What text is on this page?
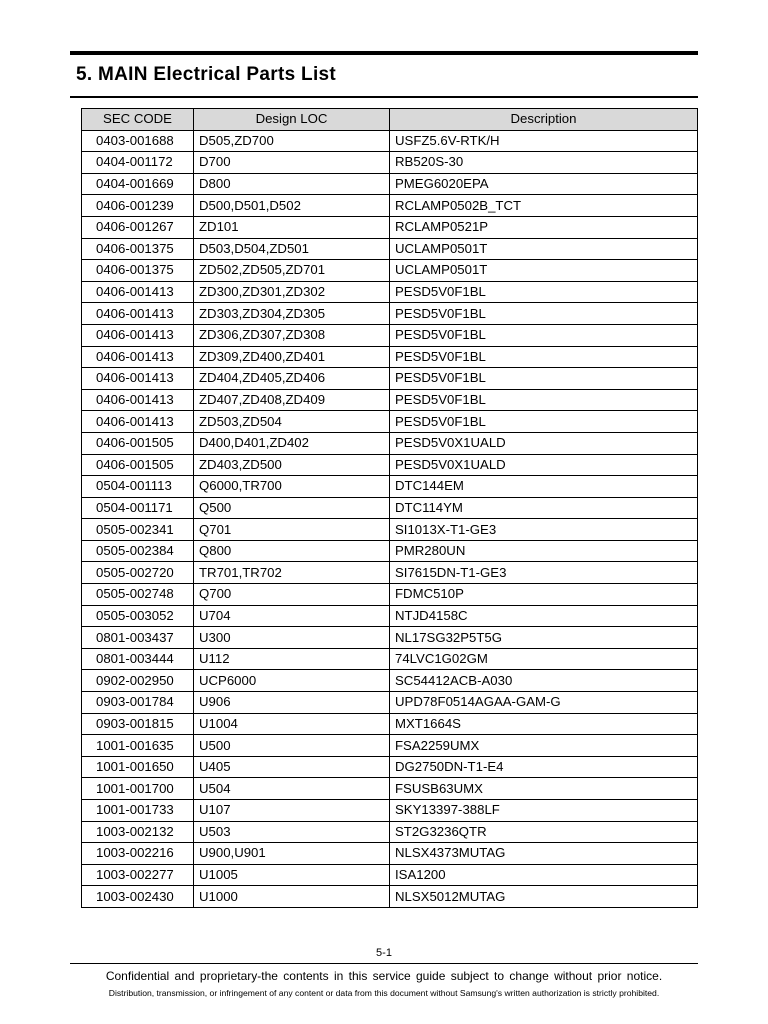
5. MAIN Electrical Parts List
SEC CODE	Design LOC	Description
0403-001688	D505,ZD700	USFZ5.6V-RTK/H
0404-001172	D700	RB520S-30
0404-001669	D800	PMEG6020EPA
0406-001239	D500,D501,D502	RCLAMP0502B_TCT
0406-001267	ZD101	RCLAMP0521P
0406-001375	D503,D504,ZD501	UCLAMP0501T
0406-001375	ZD502,ZD505,ZD701	UCLAMP0501T
0406-001413	ZD300,ZD301,ZD302	PESD5V0F1BL
0406-001413	ZD303,ZD304,ZD305	PESD5V0F1BL
0406-001413	ZD306,ZD307,ZD308	PESD5V0F1BL
0406-001413	ZD309,ZD400,ZD401	PESD5V0F1BL
0406-001413	ZD404,ZD405,ZD406	PESD5V0F1BL
0406-001413	ZD407,ZD408,ZD409	PESD5V0F1BL
0406-001413	ZD503,ZD504	PESD5V0F1BL
0406-001505	D400,D401,ZD402	PESD5V0X1UALD
0406-001505	ZD403,ZD500	PESD5V0X1UALD
0504-001113	Q6000,TR700	DTC144EM
0504-001171	Q500	DTC114YM
0505-002341	Q701	SI1013X-T1-GE3
0505-002384	Q800	PMR280UN
0505-002720	TR701,TR702	SI7615DN-T1-GE3
0505-002748	Q700	FDMC510P
0505-003052	U704	NTJD4158C
0801-003437	U300	NL17SG32P5T5G
0801-003444	U112	74LVC1G02GM
0902-002950	UCP6000	SC54412ACB-A030
0903-001784	U906	UPD78F0514AGAA-GAM-G
0903-001815	U1004	MXT1664S
1001-001635	U500	FSA2259UMX
1001-001650	U405	DG2750DN-T1-E4
1001-001700	U504	FSUSB63UMX
1001-001733	U107	SKY13397-388LF
1003-002132	U503	ST2G3236QTR
1003-002216	U900,U901	NLSX4373MUTAG
1003-002277	U1005	ISA1200
1003-002430	U1000	NLSX5012MUTAG
5-1
Confidential and proprietary-the contents in this service guide subject to change without prior notice.
Distribution, transmission, or infringement of any content or data from this document without Samsung's written authorization is strictly prohibited.
